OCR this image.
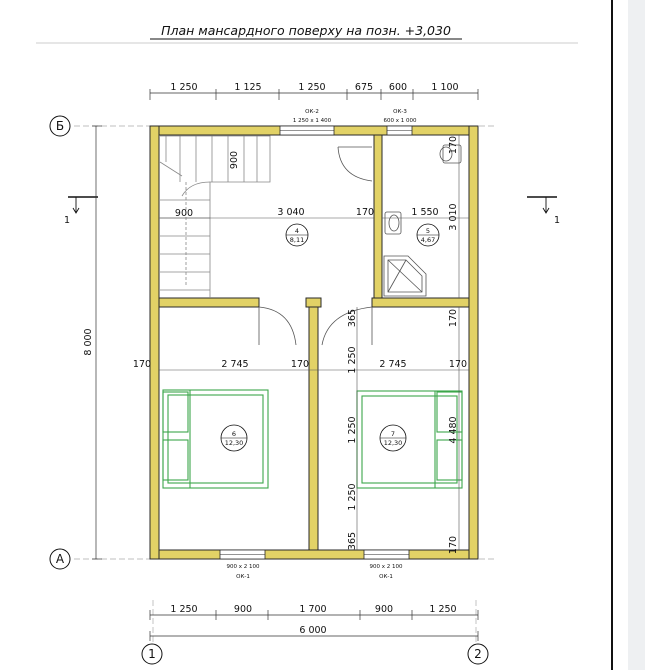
План мансардного поверху на позн. +3,030
Б
А
1	2
1	1
1 250	1 125	1 250	675 600	1 100
1 250	900	1 700	900	1 250
6 000
8 000
ОК-2
1 250 x 1 400
ОК-3
600 x 1 000
900 x 2 100
ОК-1
900 x 2 100
ОК-1
900
900
4
8,11
5
4,67
6
12,30
7
12,30
3 040	170	1 550
170	2 745	170	2 745	170
3 010
170
365
1 250
1 250
1 250
365
4 480
170
170
